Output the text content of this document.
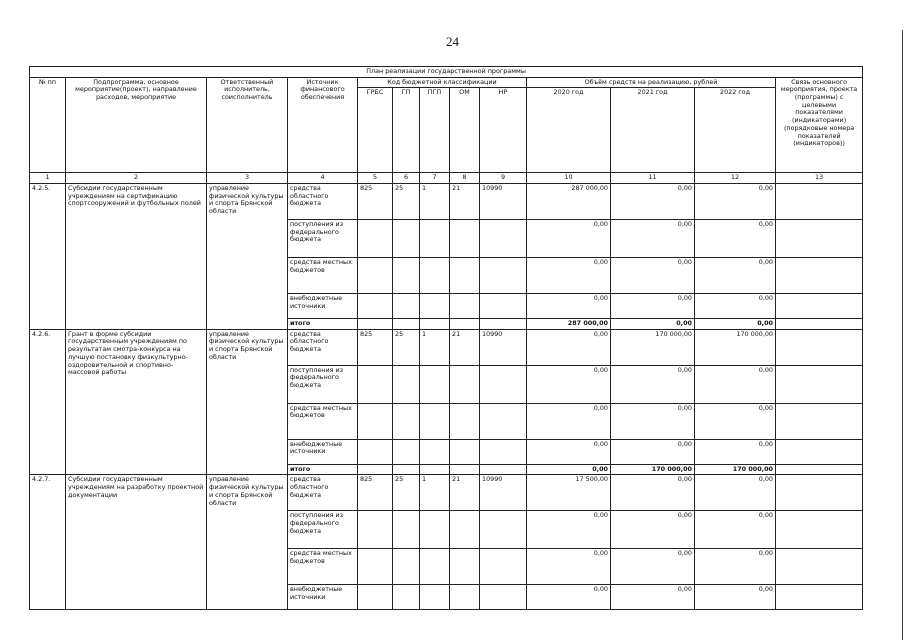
24
План реализации государственной программы												
№ пп	Подпрограмма, основное мероприятие(проект), направление расходов, мероприятие	Ответственный исполнитель, соисполнитель	Источник финансового обеспечения	Код бюджетной классификации					Объём средств на реализацию, рублей			Связь основного мероприятия, проекта (программы) с целевыми показателями (индикаторами) (порядковые номера показателей (индикаторов))
				ГРБС	ГП	ПГП	ОМ	НР	2020 год	2021 год	2022 год	
1	2	3	4	5	6	7	8	9	10	11	12	13
4.2.5.	Субсидии государственным учреждениям на сертификацию спортсооружений и футбольных полей	управление физической культуры и спорта Брянской области	средства областного бюджета	825	25	1	21	10990	287 000,00	0,00	0,00	
			поступления из федерального бюджета						0,00	0,00	0,00	
			средства местных бюджетов						0,00	0,00	0,00	
			внебюджетные источники						0,00	0,00	0,00	
			итого						287 000,00	0,00	0,00	
4.2.6.	Грант в форме субсидии государственным учреждениям по результатам смотра-конкурса на лучшую постановку физкультурно-оздоровительной и спортивно-массовой работы	управление физической культуры и спорта Брянской области	средства областного бюджета	825	25	1	21	10990	0,00	170 000,00	170 000,00	
			поступления из федерального бюджета						0,00	0,00	0,00	
			средства местных бюджетов						0,00	0,00	0,00	
			внебюджетные источники						0,00	0,00	0,00	
			итого						0,00	170 000,00	170 000,00	
4.2.7.	Субсидии государственным учреждениям на разработку проектной документации	управление физической культуры и спорта Брянской области	средства областного бюджета	825	25	1	21	10990	17 500,00	0,00	0,00	
			поступления из федерального бюджета						0,00	0,00	0,00	
			средства местных бюджетов						0,00	0,00	0,00	
			внебюджетные источники						0,00	0,00	0,00	
